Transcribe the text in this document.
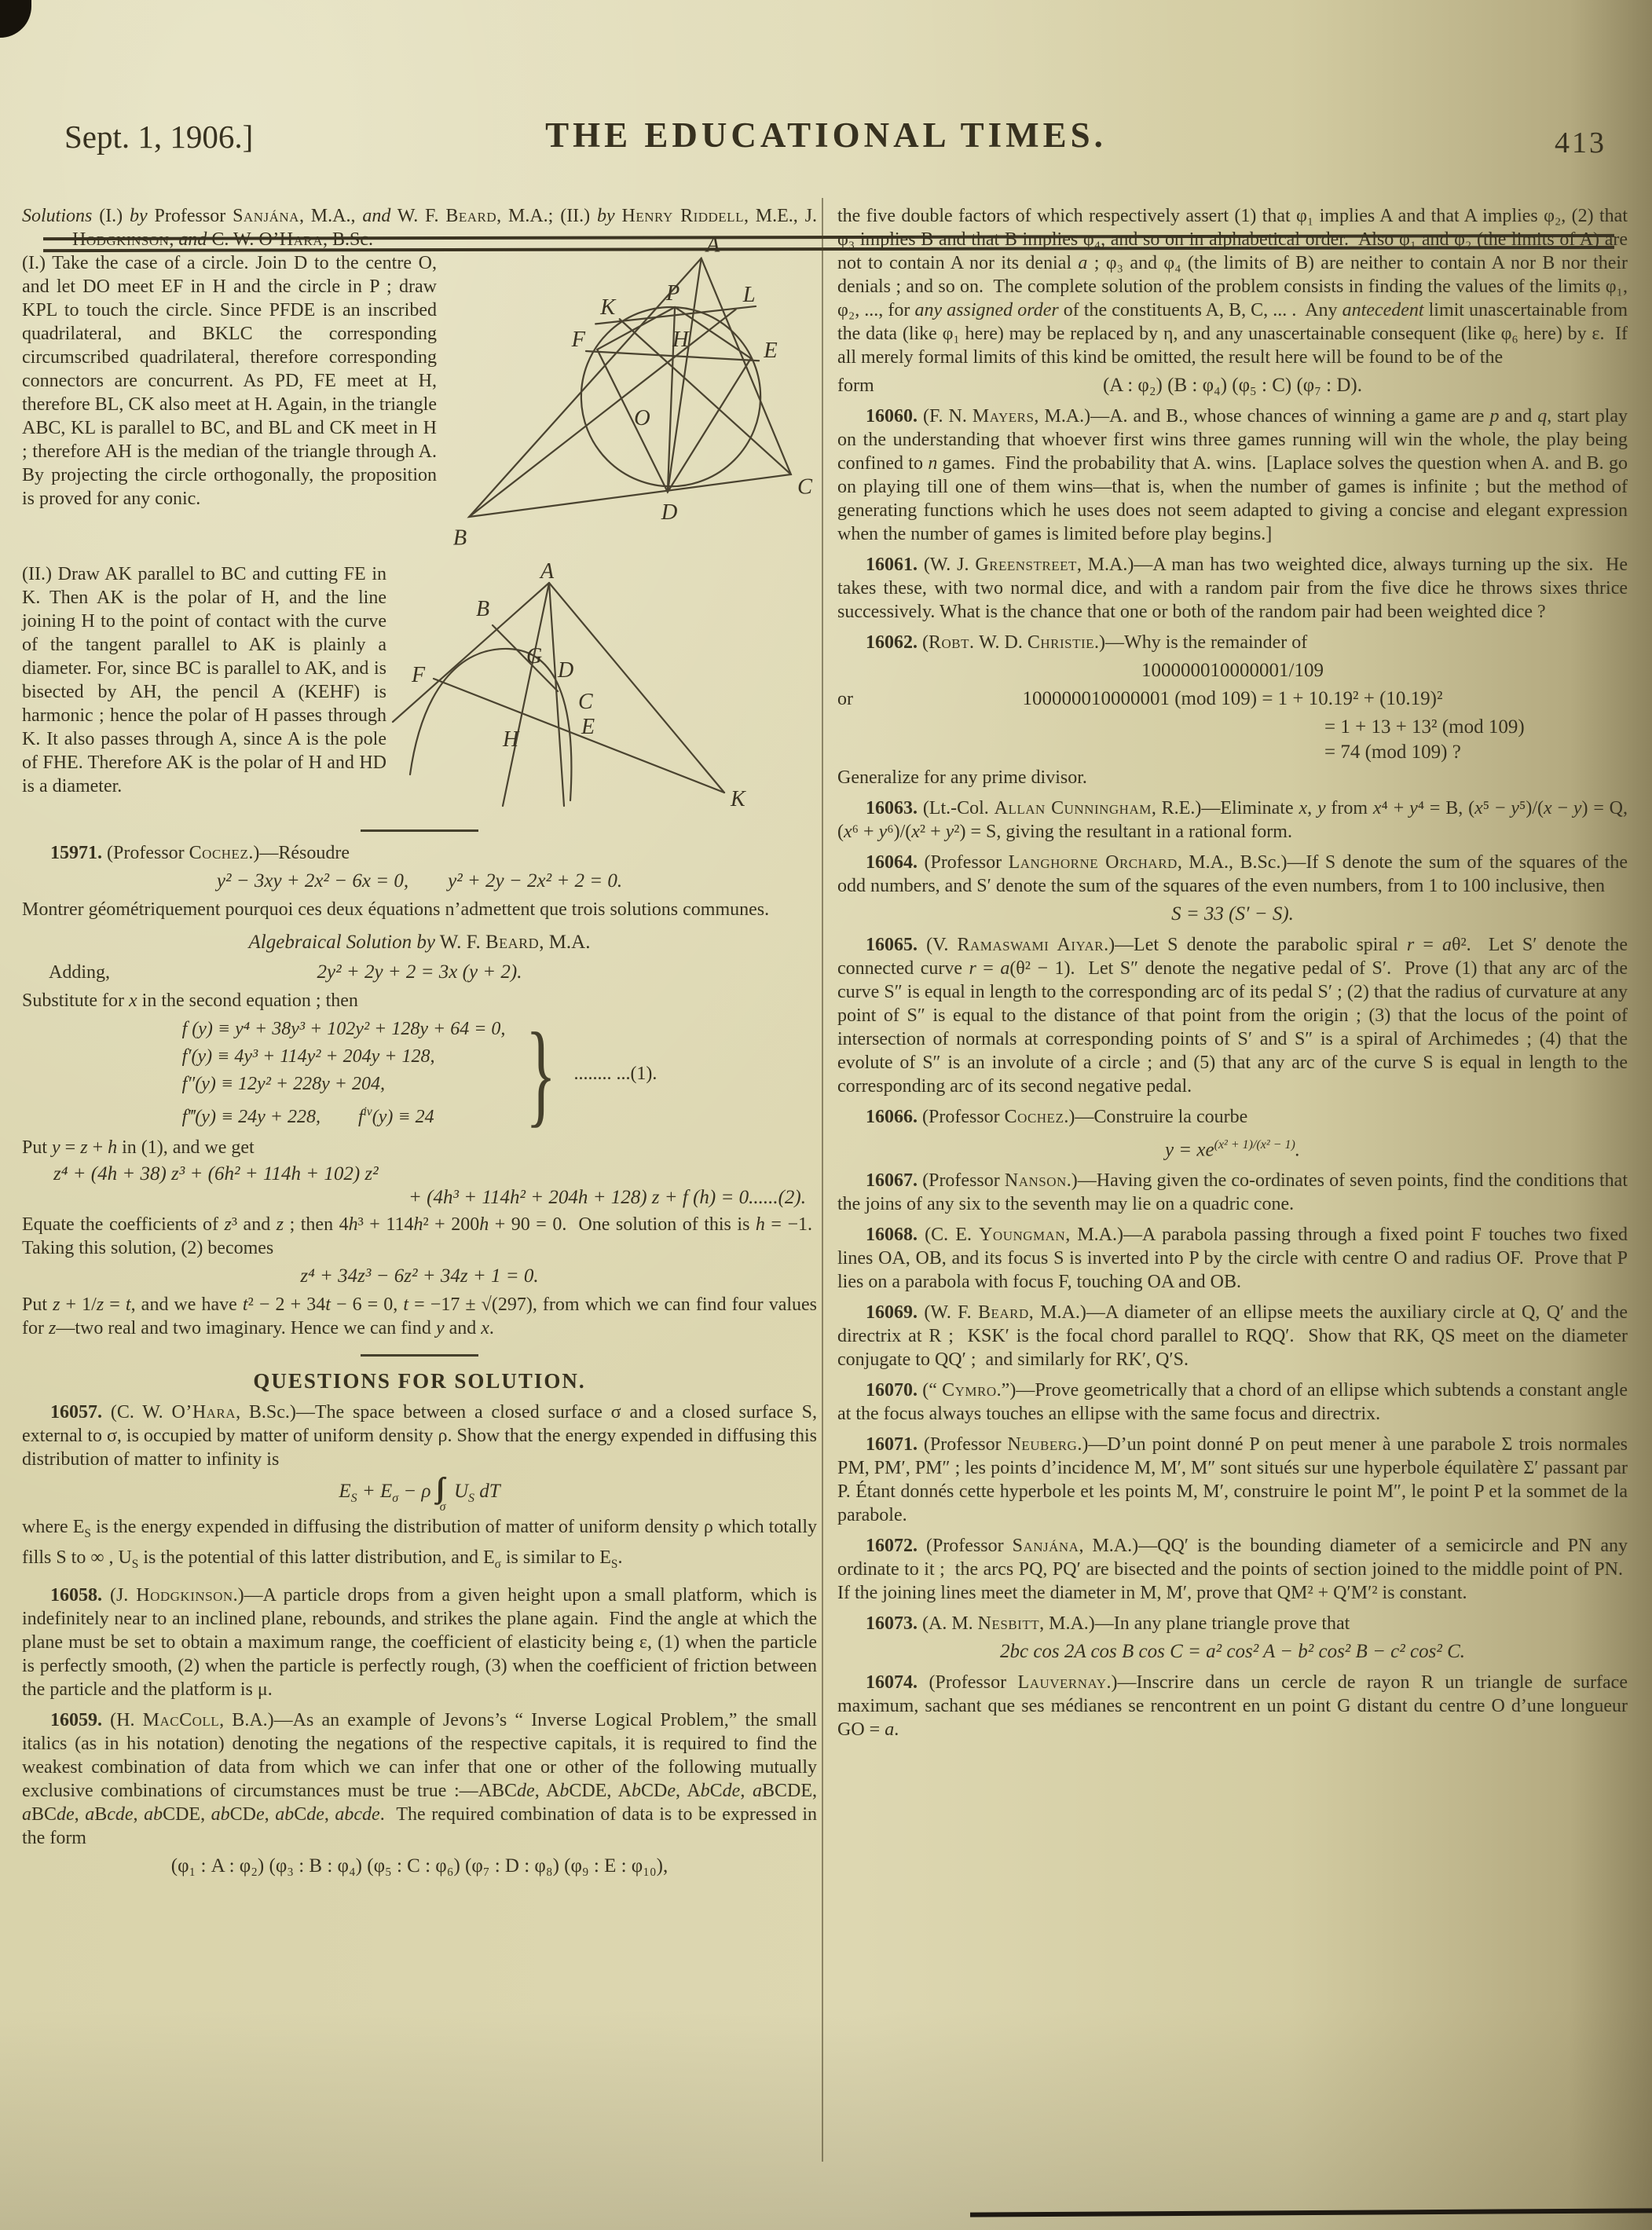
Sept. 1, 1906.]	THE EDUCATIONAL TIMES.	413

Solutions (I.) by Professor Sanjána, M.A., and W. F. Beard, M.A.; (II.) by Henry Riddell, M.E., J. Hodgkinson, and C. W. O’Hara, B.Sc.	A
B
C
D
O
P
K
L
F	H	E

(I.) Take the case of a circle. Join D to the centre O, and let DO meet EF in H and the circle in P ; draw KPL to touch the circle. Since PFDE is an inscribed quadrilateral, and BKLC the corresponding circumscribed quadrilateral, therefore corresponding connectors are concurrent. As PD, FE meet at H, therefore BL, CK also meet at H. Again, in the triangle ABC, KL is parallel to BC, and BL and CK meet in H ; therefore AH is the median of the triangle through A. By projecting the circle orthogonally, the proposition is proved for any conic.

A
B
F
G
D
C
E
H
K

(II.) Draw AK parallel to BC and cutting FE in K. Then AK is the polar of H, and the line joining H to the point of contact with the curve of the tangent parallel to AK is plainly a diameter. For, since BC is parallel to AK, and is bisected by AH, the pencil A (KEHF) is harmonic ; hence the polar of H passes through K. It also passes through A, since A is the pole of FHE. Therefore AK is the polar of H and HD is a diameter.

15971. (Professor Cochez.)—Résoudre

y² − 3xy + 2x² − 6x = 0,  y² + 2y − 2x² + 2 = 0.

Montrer géométriquement pourquoi ces deux équations n’admettent que trois solutions communes.

Algebraical Solution by W. F. Beard, M.A.

Adding,	2y² + 2y + 2 = 3x (y + 2).

Substitute for x in the second equation ; then

f (y) ≡ y⁴ + 38y³ + 102y² + 128y + 64 = 0,
f′(y) ≡ 4y³ + 114y² + 204y + 128,
f″(y) ≡ 12y² + 228y + 204,
f‴(y) ≡ 24y + 228,  $f^{iv}(y) \equiv 24$ } ........ ...(1).

Put y = z + h in (1), and we get

z⁴ + (4h + 38) z³ + (6h² + 114h + 102) z²

+ (4h³ + 114h² + 204h + 128) z + f (h) = 0......(2).

Equate the coefficients of z³ and z ; then 4h³ + 114h² + 200h + 90 = 0.  One solution of this is h = −1.  Taking this solution, (2) becomes

z⁴ + 34z³ − 6z² + 34z + 1 = 0.

Put z + 1/z = t, and we have t² − 2 + 34t − 6 = 0, t = −17 ± √(297), from which we can find four values for z—two real and two imaginary. Hence we can find y and x.

QUESTIONS FOR SOLUTION.

16057. (C. W. O’Hara, B.Sc.)—The space between a closed surface σ and a closed surface S, external to σ, is occupied by matter of uniform density ρ. Show that the energy expended in diffusing this distribution of matter to infinity is

$E_S + E_\sigma - \rho$ $\int\int\int_\sigma$ $U_S$ dT

where $E_S$ is the energy expended in diffusing the distribution of matter of uniform density ρ which totally fills S to ∞ , $U_S$ is the potential of this latter distribution, and $E_\sigma$ is similar to $E_S$.

16058. (J. Hodgkinson.)—A particle drops from a given height upon a small platform, which is indefinitely near to an inclined plane, rebounds, and strikes the plane again.  Find the angle at which the plane must be set to obtain a maximum range, the coefficient of elasticity being ε, (1) when the particle is perfectly smooth, (2) when the particle is perfectly rough, (3) when the coefficient of friction between the particle and the platform is μ.

16059. (H. MacColl, B.A.)—As an example of Jevons’s “ Inverse Logical Problem,” the small italics (as in his notation) denoting the negations of the respective capitals, it is required to find the weakest combination of data from which we can infer that one or other of the following mutually exclusive combinations of circumstances must be true :—ABCde, AbCDE, AbCDe, AbCde, aBCDE, aBCde, aBcde, abCDE, abCDe, abCde, abcde.  The required combination of data is to be expressed in the form

(φ₁ : A : φ₂) (φ₃ : B : φ₄) (φ₅ : C : φ₆) (φ₇ : D : φ₈) (φ₉ : E : φ₁₀),

the five double factors of which respectively assert (1) that φ₁ implies A and that A implies φ₂, (2) that φ₃ implies B and that B implies φ₄, and so on in alphabetical order.  Also φ₁ and φ₂ (the limits of A) are not to contain A nor its denial a ; φ₃ and φ₄ (the limits of B) are neither to contain A nor B nor their denials ; and so on.  The complete solution of the problem consists in finding the values of the limits φ₁, φ₂, ..., for any assigned order of the constituents A, B, C, ... .  Any antecedent limit unascertainable from the data (like φ₁ here) may be replaced by η, and any unascertainable consequent (like φ₆ here) by ε.  If all merely formal limits of this kind be omitted, the result here will be found to be of the

form	(A : φ₂) (B : φ₄) (φ₅ : C) (φ₇ : D).

16060. (F. N. Mayers, M.A.)—A. and B., whose chances of winning a game are p and q, start play on the understanding that whoever first wins three games running will win the whole, the play being confined to n games.  Find the probability that A. wins.  [Laplace solves the question when A. and B. go on playing till one of them wins—that is, when the number of games is infinite ; but the method of generating functions which he uses does not seem adapted to giving a concise and elegant expression when the number of games is limited before play begins.]

16061. (W. J. Greenstreet, M.A.)—A man has two weighted dice, always turning up the six.  He takes these, with two normal dice, and with a random pair from the five dice he throws sixes thrice successively. What is the chance that one or both of the random pair had been weighted dice ?

16062. (Robt. W. D. Christie.)—Why is the remainder of

100000010000001/109

or	100000010000001 (mod 109) = 1 + 10.19² + (10.19)²

= 1 + 13 + 13² (mod 109)

= 74 (mod 109) ?

Generalize for any prime divisor.

16063. (Lt.-Col. Allan Cunningham, R.E.)—Eliminate x, y from x⁴ + y⁴ = B, (x⁵ − y⁵)/(x − y) = Q, (x⁶ + y⁶)/(x² + y²) = S, giving the resultant in a rational form.

16064. (Professor Langhorne Orchard, M.A., B.Sc.)—If S denote the sum of the squares of the odd numbers, and S′ denote the sum of the squares of the even numbers, from 1 to 100 inclusive, then

S = 33 (S′ − S).

16065. (V. Ramaswami Aiyar.)—Let S denote the parabolic spiral r = aθ².  Let S′ denote the connected curve r = a(θ² − 1).  Let S″ denote the negative pedal of S′.  Prove (1) that any arc of the curve S″ is equal in length to the corresponding arc of its pedal S′ ; (2) that the radius of curvature at any point of S″ is equal to the distance of that point from the origin ; (3) that the locus of the point of intersection of normals at corresponding points of S′ and S″ is a spiral of Archimedes ; (4) that the evolute of S″ is an involute of a circle ; and (5) that any arc of the curve S is equal in length to the corresponding arc of its second negative pedal.

16066. (Professor Cochez.)—Construire la courbe

$y = xe^{(x^2 + 1)/(x^2 - 1)}$.

16067. (Professor Nanson.)—Having given the co-ordinates of seven points, find the conditions that the joins of any six to the seventh may lie on a quadric cone.

16068. (C. E. Youngman, M.A.)—A parabola passing through a fixed point F touches two fixed lines OA, OB, and its focus S is inverted into P by the circle with centre O and radius OF.  Prove that P lies on a parabola with focus F, touching OA and OB.

16069. (W. F. Beard, M.A.)—A diameter of an ellipse meets the auxiliary circle at Q, Q′ and the directrix at R ;  KSK′ is the focal chord parallel to RQQ′.  Show that RK, QS meet on the diameter conjugate to QQ′ ;  and similarly for RK′, Q′S.

16070. (“ Cymro.”)—Prove geometrically that a chord of an ellipse which subtends a constant angle at the focus always touches an ellipse with the same focus and directrix.

16071. (Professor Neuberg.)—D’un point donné P on peut mener à une parabole Σ trois normales PM, PM′, PM″ ; les points d’incidence M, M′, M″ sont situés sur une hyperbole équilatère Σ′ passant par P. Étant donnés cette hyperbole et les points M, M′, construire le point M″, le point P et la sommet de la parabole.

16072. (Professor Sanjána, M.A.)—QQ′ is the bounding diameter of a semicircle and PN any ordinate to it ;  the arcs PQ, PQ′ are bisected and the points of section joined to the middle point of PN.  If the joining lines meet the diameter in M, M′, prove that QM² + Q′M′² is constant.

16073. (A. M. Nesbitt, M.A.)—In any plane triangle prove that

2bc cos 2A cos B cos C = a² cos² A − b² cos² B − c² cos² C.

16074. (Professor Lauvernay.)—Inscrire dans un cercle de rayon R un triangle de surface maximum, sachant que ses médianes se rencontrent en un point G distant du centre O d’une longueur GO = a.
